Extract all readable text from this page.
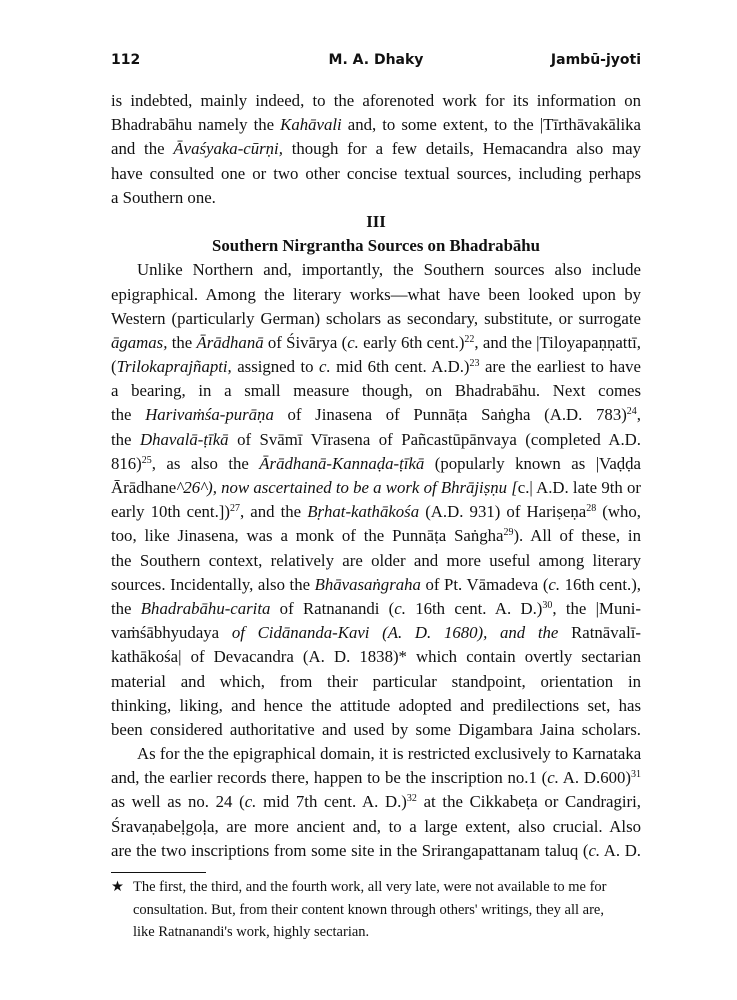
112	M. A. Dhaky	Jambū-jyoti
is indebted, mainly indeed, to the aforenoted work for its information on
Bhadrabāhu namely the Kahāvali and, to some extent, to the |Tīrthāvakālika
and the Āvaśyaka-cūrṇi, though for a few details, Hemacandra also may
have consulted one or two other concise textual sources, including perhaps
a Southern one.
III
Southern Nirgrantha Sources on Bhadrabāhu
Unlike Northern and, importantly, the Southern sources also include
epigraphical. Among the literary works—what have been looked upon by
Western (particularly German) scholars as secondary, substitute, or surrogate
āgamas, the Ārādhanā of Śivārya (c. early 6th cent.)$^{22}$, and the |Tiloyapaṇṇattī,
(Trilokaprajñapti, assigned to c. mid 6th cent. A.D.)$^{23}$ are the earliest to have
a bearing, in a small measure though, on Bhadrabāhu. Next comes
the Harivaṁśa-purāṇa of Jinasena of Punnāṭa Saṅgha (A.D. 783)$^{24}$,
the Dhavalā-ṭīkā of Svāmī Vīrasena of Pañcastūpānvaya (completed A.D.
816)$^{25}$, as also the Ārādhanā-Kannaḍa-ṭīkā (popularly known as |Vaḍḍa
Ārādhane^26^), now ascertained to be a work of Bhrājiṣṇu [c.| A.D. late 9th or
early 10th cent.])$^{27}$, and the Bṛhat-kathākośa (A.D. 931) of Hariṣeṇa$^{28}$ (who,
too, like Jinasena, was a monk of the Punnāṭa Saṅgha$^{29}$). All of these, in
the Southern context, relatively are older and more useful among literary
sources. Incidentally, also the Bhāvasaṅgraha of Pt. Vāmadeva (c. 16th cent.),
the Bhadrabāhu-carita of Ratnanandi (c. 16th cent. A. D.)$^{30}$, the |Muni-
vaṁśābhyudaya of Cidānanda-Kavi (A. D. 1680), and the Ratnāvalī-
kathākośa| of Devacandra (A. D. 1838)* which contain overtly sectarian
material and which, from their particular standpoint, orientation in
thinking, liking, and hence the attitude adopted and predilections set, has
been considered authoritative and used by some Digambara Jaina scholars.
As for the the epigraphical domain, it is restricted exclusively to Karnataka
and, the earlier records there, happen to be the inscription no.1 (c. A. D.600)$^{31}$
as well as no. 24 (c. mid 7th cent. A. D.)$^{32}$ at the Cikkabeṭa or Candragiri,
Śravaṇabeḷgoḷa, are more ancient and, to a large extent, also crucial. Also
are the two inscriptions from some site in the Srirangapattanam taluq (c. A. D.
★ The first, the third, and the fourth work, all very late, were not available to me for
consultation. But, from their content known through others' writings, they all are,
like Ratnanandi's work, highly sectarian.
